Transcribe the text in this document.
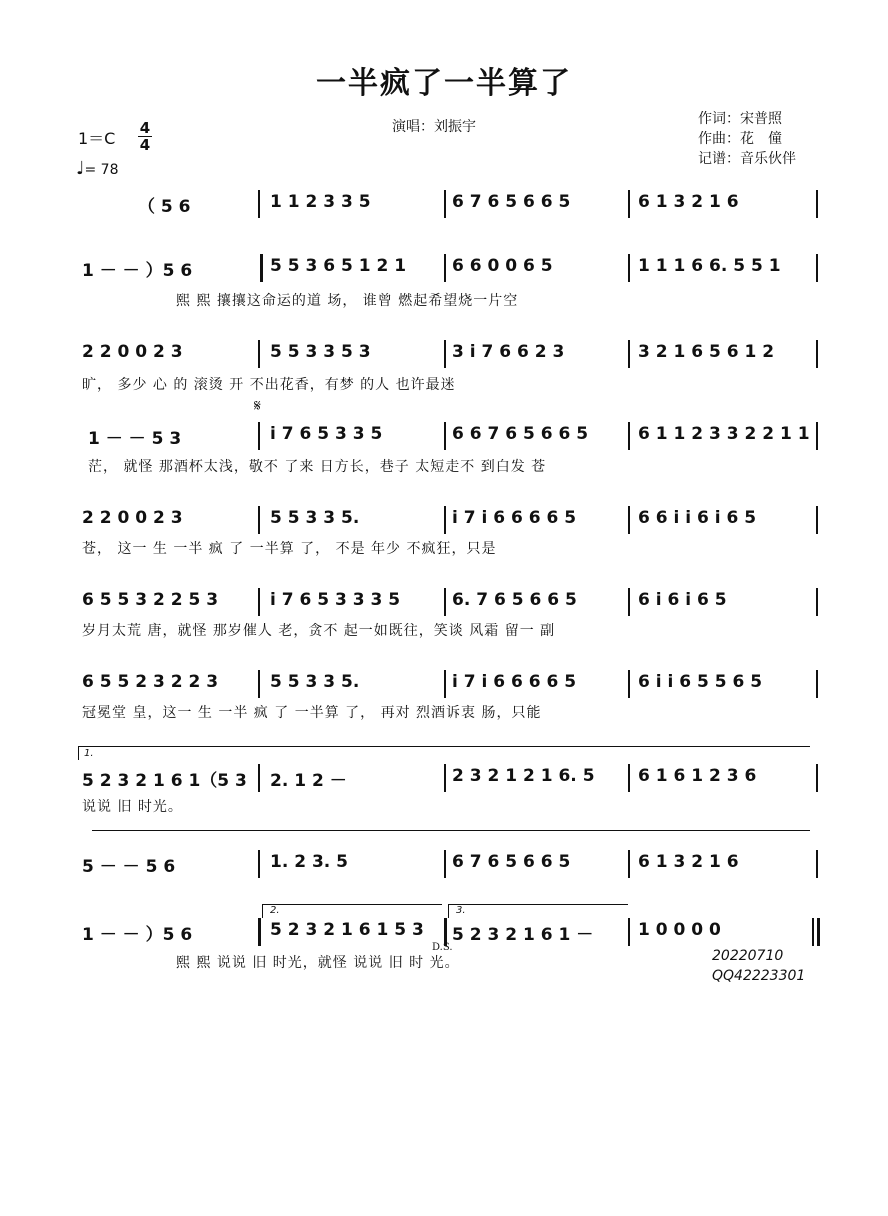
一半疯了一半算了
演唱：刘振宇	作词：宋普照
作曲：花　僮
记谱：音乐伙伴
1＝C
4
4
♩= 78
（ 5 6	1 1 2 3 3 5	6 7 6 5 6 6 5	6 1 3 2 1 6
1 － － ）5 6	5 5 3 6 5 1 2 1	6 6 0 0 6 5	1 1 1 6 6. 5 5 1
熙 熙 攘攘这命运的道 场， 谁曾 燃起希望烧一片空
2 2 0 0 2 3	5 5 3 3 5 3	3 i 7 6 6 2 3	3 2 1 6 5 6 1 2
旷， 多少 心 的 滚烫 开 不出花香，有梦 的人 也许最迷
𝄋
1 － － 5 3	i 7 6 5 3 3 5	6 6 7 6 5 6 6 5	6 1 1 2 3 3 2 2 1 1
茫， 就怪 那酒杯太浅，敬不 了来 日方长，巷子 太短走不 到白发 苍
2 2 0 0 2 3	5 5 3 3 5.	i 7 i 6 6 6 6 5	6 6 i i 6 i 6 5
苍， 这一 生 一半 疯 了 一半算 了， 不是 年少 不疯狂，只是
6 5 5 3 2 2 5 3	i 7 6 5 3 3 3 5	6. 7 6 5 6 6 5	6 i 6 i 6 5
岁月太荒 唐，就怪 那岁催人 老，贪不 起一如既往，笑谈 风霜 留一 副
6 5 5 2 3 2 2 3	5 5 3 3 5.	i 7 i 6 6 6 6 5	6 i i 6 5 5 6 5
冠冕堂 皇，这一 生 一半 疯 了 一半算 了， 再对 烈酒诉衷 肠，只能
1.
5 2 3 2 1 6 1（5 3 2. 1 2 －	2 3 2 1 2 1 6. 5	6 1 6 1 2 3 6
说说 旧 时光。
5 － － 5 6	1. 2 3. 5	6 7 6 5 6 6 5	6 1 3 2 1 6
2.	3.
1 － － ）5 6	5 2 3 2 1 6 1 5 3 5 2 3 2 1 6 1 －	1 0 0 0 0
D.S.
熙 熙 说说 旧 时光，就怪 说说 旧 时 光。	20220710
QQ42223301
